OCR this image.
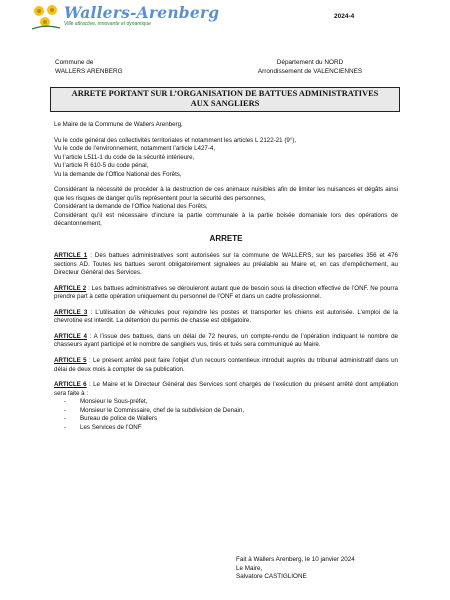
Wallers-Arenberg
Ville attractive, innovante et dynamique
2024-4
Commune de
WALLERS ARENBERG
Département du NORD
Arrondissement de VALENCIENNES
ARRETE PORTANT SUR L’ORGANISATION DE BATTUES ADMINISTRATIVES
AUX SANGLIERS
Le Maire de la Commune de Wallers Arenberg,
Vu le code général des collectivités territoriales et notamment les articles L 2122-21 (9°),
Vu le code de l’environnement, notamment l’article L427-4,
Vu l’article L511-1 du code de la sécurité intérieure,
Vu l’article R 610-5 du code pénal,
Vu la demande de l’Office National des Forêts,
Considérant la nécessité de procéder à la destruction de ces animaux nuisibles afin de limiter les nuisances et dégâts ainsi que les risques de danger qu’ils représentent pour la sécurité des personnes,
Considérant la demande de l’Office National des Forêts,
Considérant qu’il est nécessaire d’inclure la partie communale à la partie boisée domaniale lors des opérations de décantonnement,
ARRETE
ARTICLE 1 : Des battues administratives sont autorisées sur la commune de WALLERS, sur les parcelles 356 et 476 sections AD. Toutes les battues seront obligatoirement signalées au préalable au Maire et, en cas d’empêchement, au Directeur Général des Services.
ARTICLE 2 : Les battues administratives se dérouleront autant que de besoin sous la direction effective de l’ONF. Ne pourra prendre part à cette opération uniquement du personnel de l’ONF et dans un cadre professionnel.
ARTICLE 3 : L’utilisation de véhicules pour rejoindre les postes et transporter les chiens est autorisée. L’emploi de la chevrotine est interdit. La détention du permis de chasse est obligatoire.
ARTICLE 4 : A l’issue des battues, dans un délai de 72 heures, un compte-rendu de l’opération indiquant le nombre de chasseurs ayant participé et le nombre de sangliers vus, tirés et tués sera communiqué au Maire.
ARTICLE 5 : Le présent arrêté peut faire l’objet d’un recours contentieux introduit auprès du tribunal administratif dans un délai de deux mois à compter de sa publication.
ARTICLE 6 : Le Maire et le Directeur Général des Services sont chargés de l’exécution du présent arrêté dont ampliation sera faite à :
- Monsieur le Sous-préfet,
- Monsieur le Commissaire, chef de la subdivision de Denain,
- Bureau de police de Wallers
- Les Services de l’ONF
Fait à Wallers Arenberg, le 10 janvier 2024
Le Maire,
Salvatore CASTIGLIONE
